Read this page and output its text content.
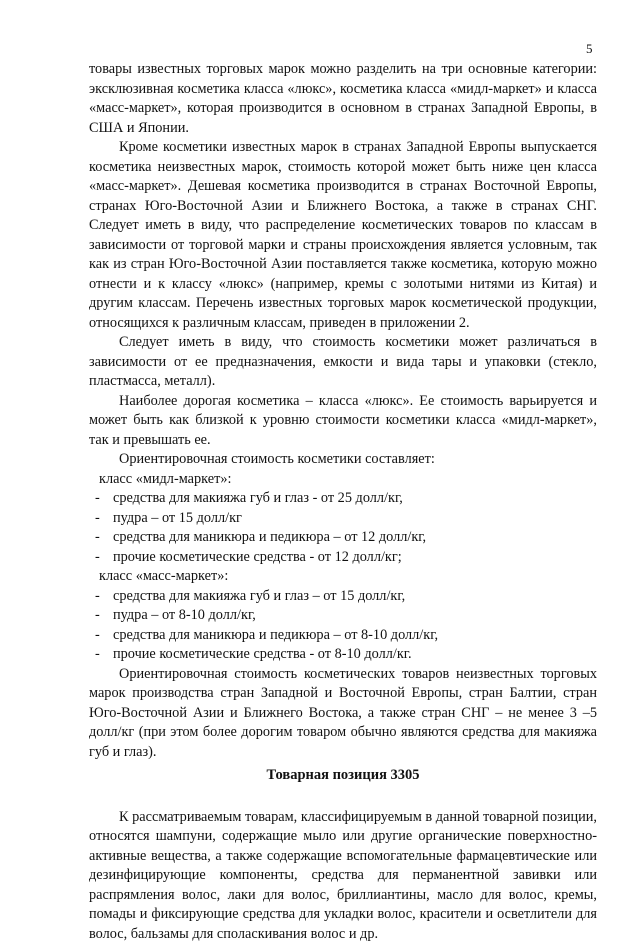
5

товары известных торговых марок можно разделить на три основные категории: эксклюзивная косметика класса «люкс», косметика класса «мидл-маркет» и класса «масс-маркет», которая производится в основном в странах Западной Европы, в США и Японии.

Кроме косметики известных марок в странах Западной Европы выпускается косметика неизвестных марок, стоимость которой может быть ниже цен класса «масс-маркет». Дешевая косметика производится в странах Восточной Европы, странах Юго-Восточной Азии и Ближнего Востока, а также в странах СНГ. Следует иметь в виду, что распределение косметических товаров по классам в зависимости от торговой марки и страны происхождения является условным, так как из стран Юго-Восточной Азии поставляется также косметика, которую можно отнести и к классу «люкс» (например, кремы с золотыми нитями из Китая) и другим классам. Перечень известных торговых марок косметической продукции, относящихся к различным классам, приведен в приложении 2.

Следует иметь в виду, что стоимость косметики может различаться в зависимости от ее предназначения, емкости и вида тары и упаковки (стекло, пластмасса, металл).

Наиболее дорогая косметика – класса «люкс». Ее стоимость варьируется и может быть как близкой к уровню стоимости косметики класса «мидл-маркет», так и превышать ее.

Ориентировочная стоимость косметики составляет:

класс «мидл-маркет»:

- средства для макияжа губ и глаз - от 25 долл/кг,
- пудра – от 15 долл/кг
- средства для маникюра и педикюра – от 12 долл/кг,
- прочие косметические средства - от 12 долл/кг;

класс «масс-маркет»:

- средства для макияжа губ и глаз – от 15 долл/кг,
- пудра – от 8-10 долл/кг,
- средства для маникюра и педикюра – от 8-10 долл/кг,
- прочие косметические средства - от 8-10 долл/кг.

Ориентировочная стоимость косметических товаров неизвестных торговых марок производства стран Западной и Восточной Европы, стран Балтии, стран Юго-Восточной Азии и Ближнего Востока, а также стран СНГ – не менее 3 –5 долл/кг (при этом более дорогим товаром обычно являются средства для макияжа губ и глаз).

Товарная позиция 3305

К рассматриваемым товарам, классифицируемым в данной товарной позиции, относятся шампуни, содержащие мыло или другие органические поверхностно-активные вещества, а также содержащие вспомогательные фармацевтические или дезинфицирующие компоненты, средства для перманентной завивки или распрямления волос, лаки для волос, бриллиантины, масло для волос, кремы, помады и фиксирующие средства для укладки волос, красители и осветлители для волос, бальзамы для споласкивания волос и др.
